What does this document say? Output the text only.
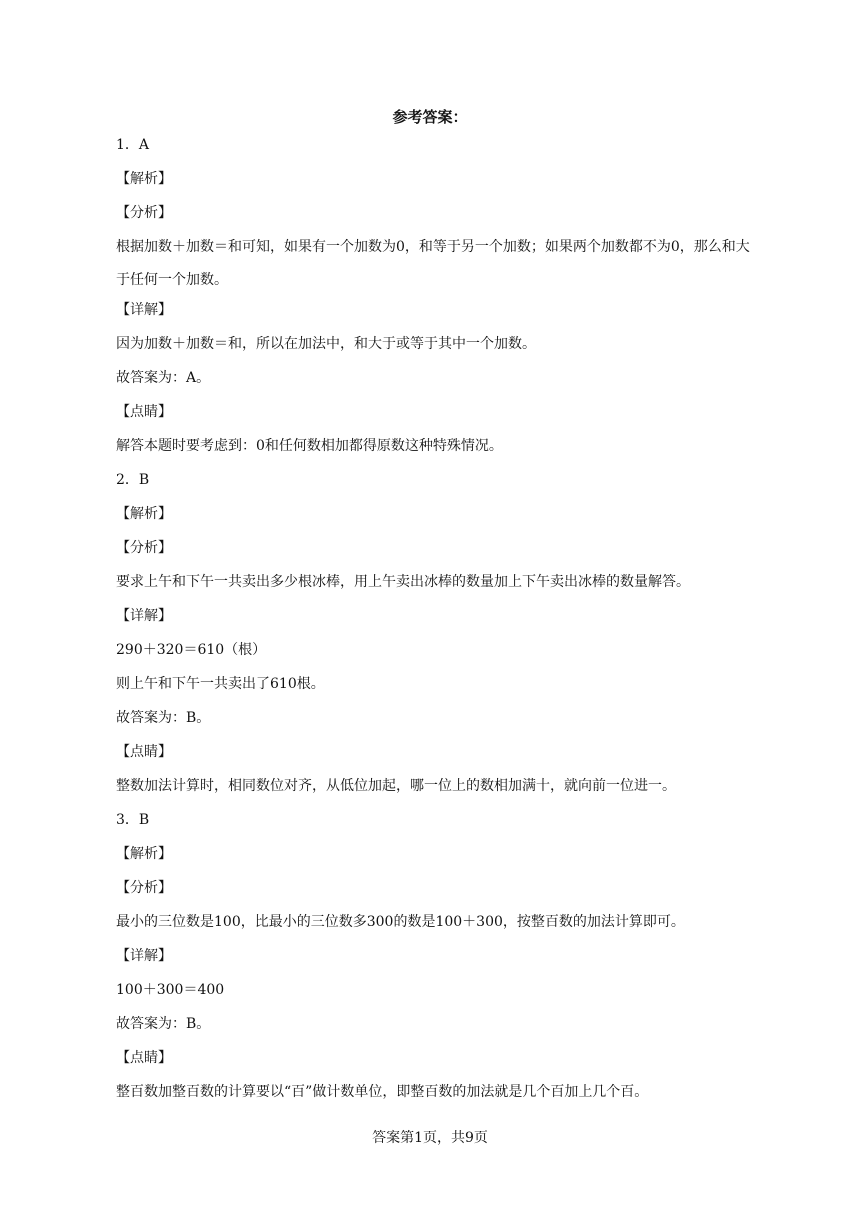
参考答案：
1．A
【解析】
【分析】
根据加数＋加数＝和可知，如果有一个加数为0，和等于另一个加数；如果两个加数都不为0，那么和大于任何一个加数。
【详解】
因为加数＋加数＝和，所以在加法中，和大于或等于其中一个加数。
故答案为：A。
【点睛】
解答本题时要考虑到：0和任何数相加都得原数这种特殊情况。
2．B
【解析】
【分析】
要求上午和下午一共卖出多少根冰棒，用上午卖出冰棒的数量加上下午卖出冰棒的数量解答。
【详解】
290＋320＝610（根）
则上午和下午一共卖出了610根。
故答案为：B。
【点睛】
整数加法计算时，相同数位对齐，从低位加起，哪一位上的数相加满十，就向前一位进一。
3．B
【解析】
【分析】
最小的三位数是100，比最小的三位数多300的数是100＋300，按整百数的加法计算即可。
【详解】
100＋300＝400
故答案为：B。
【点睛】
整百数加整百数的计算要以“百”做计数单位，即整百数的加法就是几个百加上几个百。
答案第1页，共9页
